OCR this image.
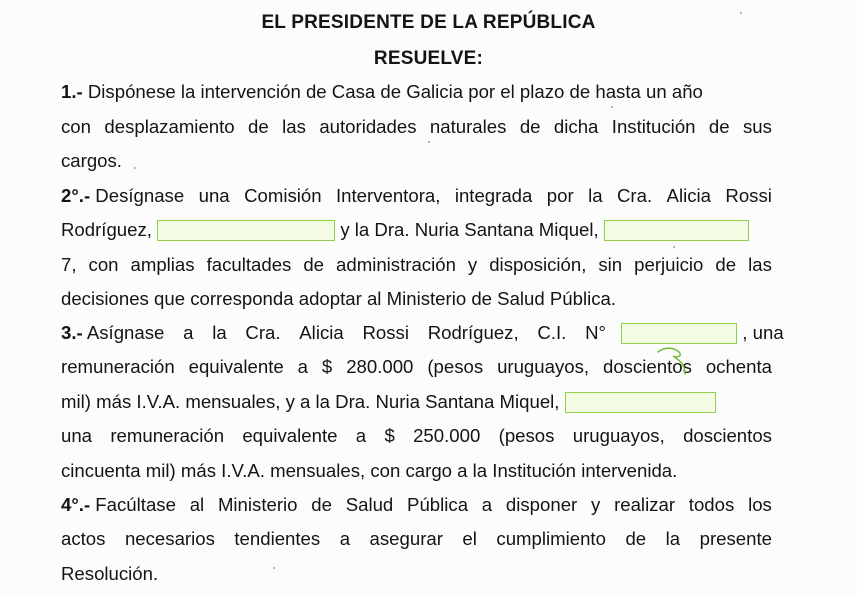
EL PRESIDENTE DE LA REPÚBLICA
RESUELVE:
1.- Dispónese la intervención de Casa de Galicia por el plazo de hasta un año
con desplazamiento de las autoridades naturales de dicha Institución de sus
cargos.
2°.- Desígnase una Comisión Interventora, integrada por la Cra. Alicia Rossi
Rodríguez,	y la Dra. Nuria Santana Miquel,
7, con amplias facultades de administración y disposición, sin perjuicio de las
decisiones que corresponda adoptar al Ministerio de Salud Pública.
3.- Asígnase a la Cra. Alicia Rossi Rodríguez, C.I. N°	, una
remuneración equivalente a $ 280.000 (pesos uruguayos, doscientos ochenta
mil) más I.V.A. mensuales, y a la Dra. Nuria Santana Miquel,
una remuneración equivalente a $ 250.000 (pesos uruguayos, doscientos
cincuenta mil) más I.V.A. mensuales, con cargo a la Institución intervenida.
4°.- Facúltase al Ministerio de Salud Pública a disponer y realizar todos los
actos necesarios tendientes a asegurar el cumplimiento de la presente
Resolución.
